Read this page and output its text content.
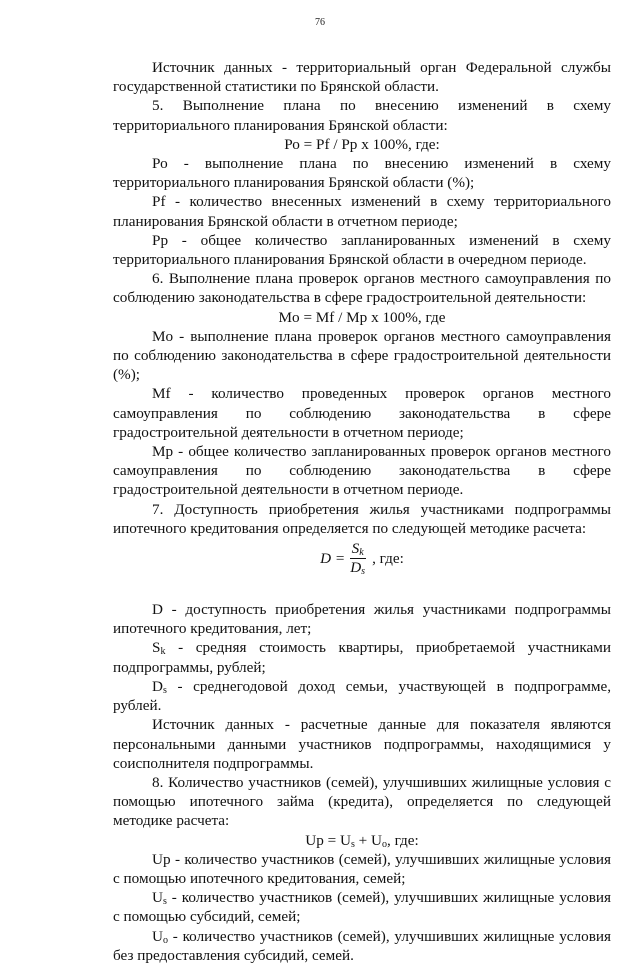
76

Источник данных - территориальный орган Федеральной службы государственной статистики по Брянской области.

5. Выполнение плана по внесению изменений в схему территориального планирования Брянской области:

Ро = Pf / Pp х 100%, где:

Ро - выполнение плана по внесению изменений в схему территориального планирования Брянской области (%);

Pf - количество внесенных изменений в схему территориального планирования Брянской области в отчетном периоде;

Pp - общее количество запланированных изменений в схему территориального планирования Брянской области в очередном периоде.

6. Выполнение плана проверок органов местного самоуправления по соблюдению законодательства в сфере градостроительной деятельности:

Mo = Mf / Mp х 100%, где

Mo - выполнение плана проверок органов местного самоуправления по соблюдению законодательства в сфере градостроительной деятельности (%);

Mf - количество проведенных проверок органов местного самоуправления по соблюдению законодательства в сфере градостроительной деятельности в отчетном периоде;

Mp - общее количество запланированных проверок органов местного самоуправления по соблюдению законодательства в сфере градостроительной деятельности в отчетном периоде.

7. Доступность приобретения жилья участниками подпрограммы ипотечного кредитования определяется по следующей методике расчета:

$D = \frac{S_k}{D_s}$ , где:

D - доступность приобретения жилья участниками подпрограммы ипотечного кредитования, лет;

$S_k$ - средняя стоимость квартиры, приобретаемой участниками подпрограммы, рублей;

$D_s$ - среднегодовой доход семьи, участвующей в подпрограмме, рублей.

Источник данных - расчетные данные для показателя являются персональными данными участников подпрограммы, находящимися у соисполнителя подпрограммы.

8. Количество участников (семей), улучшивших жилищные условия с помощью ипотечного займа (кредита), определяется по следующей методике расчета:

$Up = U_s + U_o$, где:

Up - количество участников (семей), улучшивших жилищные условия с помощью ипотечного кредитования, семей;

$U_s$ - количество участников (семей), улучшивших жилищные условия с помощью субсидий, семей;

$U_o$ - количество участников (семей), улучшивших жилищные условия без предоставления субсидий, семей.
